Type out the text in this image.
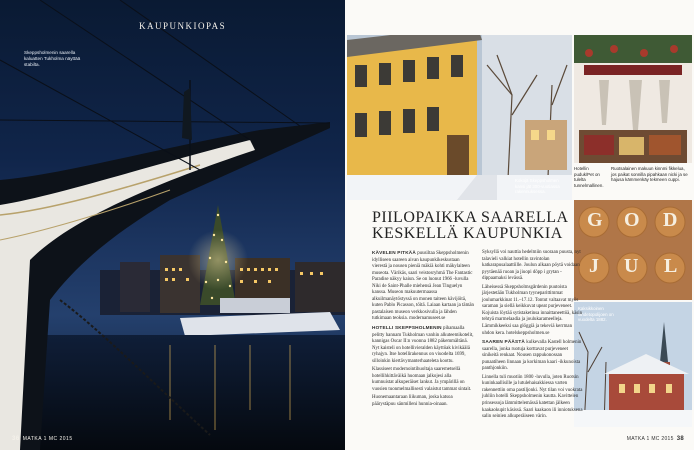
KAUPUNKIOPAS
Skeppsholmenin saarella kaluatten Tukholma näyttää stabilta.
36 MATKA 1 MC 2015
Kokojä Skeppsholmen kansi jät 300-vuotiassa rakennuksessa.
Hotellin puduk/Pet on tulelta tunnelmallinen.
Ruotsalainen makuun kinnmi fikkelua, jos paikat sonnilla pipahkaan nicki ja se hajusa kämmenkäy tekmeen cuppi.
G O D
J U L
Kaksikkoinen lahdetopolijoen on vuodelta 1882.
PIILOPAIKKA SAARELLA KESKELLÄ KAUPUNKIA

KÄVELEN PITKÄÄ puusiltaa Skeppsholmenin idylliseen saareen aivan kaupunkikeskustaan vierestä ja nousen pieniä mäkiä kohti mäkylaiteen museota. Värikäs, saari veistosryhmä The Fantastic Paradise näkyy kaiun. Se on luonut 1966 -luvulla Niki de Saint-Phalle miehensä Jean Tinguelyn kanssa. Museon makuutermaassa alkuilmanäytöstyssä on monen taiteen kävijöitä, kuten Pablo Picasson, töitä. Laiaan kartaan ja tämän pastalaisen museon verkkosivulla ja lähden tutkimaan teoksia. modernamuseet.se

HOTELLI SKEPPSHOLMENIN pihamaalla pelitty hannam Tukholman vanhin alkuteemikotelit, kannigas Oscar II:n vuonna 1882 päkemmältänä. Nyt kaisteli on hotellivieralden käyttöak kivikäälä ryhajyn. Itse hotellirakennus on viuodelta 1699, silloinkin kiertävymanterhaateleta koottu.

Klassiseet modernointihuoltaja saaremetsellä hotellihkittäväikä huomaan jalkojesi alla kumnuistat alkuperäiset lankut. Ja ympärillä on vuosien tuonmelmallisesti valaistut tammat sintait.

Huonemaantaraan liikuman, joska katsoa päärystäpuu sänmilleni hunnia-oinaan.

Syksyllä voi nauttia hedelmiin suoraan puusta, nyt talavieli valkiat hotellin ravintolan katkarapusalaattiille. Joulun alkaan pöytä voidaan pyytäenää ruoan ja jiuopi döpp i grytan -dippaamaksi levässä.

Läheisessä Skeppsholmsgårdenin puutoista järjestetään Tukholman tyyneparittimmat joulumarkkinat 11.–17.12. Tontut valtaavat myös saraman ja siellä keikkuvat upeat purjeveneet. Kojuista löytää sytistaketinsa innaittaneettöä, käsin tehtyä marmelaadia ja joulukarameelleja. Lämmikkeeksi saa glöggiä ja tekeviä kerrman uhdon kera. hotelskeppsholmen.se

SAAREN PÄÄSTÄ kulkevalla Kastell holmenin saarella, jonka ruotuja korttavat purjeveneet sinikeitä renkaat. Nousen rappukonossan punaatiheen linnaan ja korkiman kaari -ikkunoista panthjonkiin.

Linnella tuli muotiin 1800 -luvulla, joten Ruotsin kuninkaallisille ja lutulehaisakkiessa varten rakennettiin oma pastiljonki. Nyt tilan voi vuokrata juhliin hotelli Skeppsholmenin kautta. Kavittelen prinsessoja lämmittelemässä katettan jälkeen kaakaokupit käsissä. Saari kaakaon ili inniotuksena salin seinien alkuperäiseen värin.

MATKA 1 MC 2015 38
